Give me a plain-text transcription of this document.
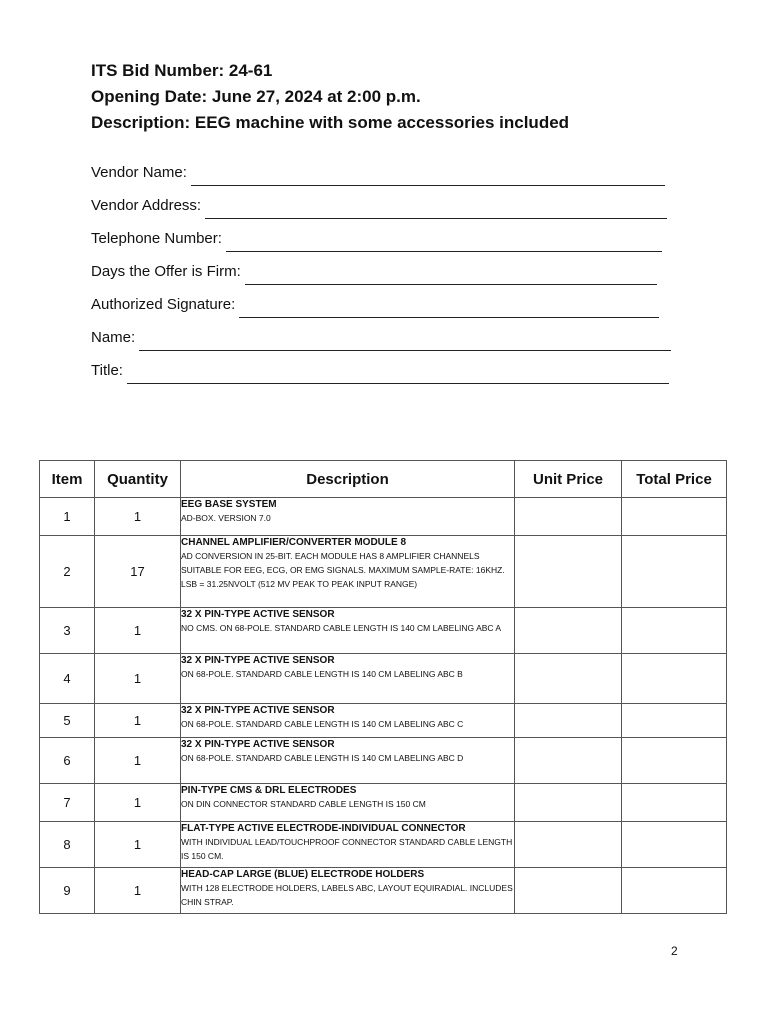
ITS Bid Number: 24-61
Opening Date: June 27, 2024 at 2:00 p.m.
Description: EEG machine with some accessories included
Vendor Name:
Vendor Address:
Telephone Number:
Days the Offer is Firm:
Authorized Signature:
Name:
Title:
Item	Quantity	Description	Unit Price	Total Price
1	1	EEG BASE SYSTEM
AD-BOX. VERSION 7.0		

2	17	CHANNEL AMPLIFIER/CONVERTER MODULE 8
AD CONVERSION IN 25-BIT. EACH MODULE HAS 8 AMPLIFIER CHANNELS SUITABLE FOR EEG, ECG, OR EMG SIGNALS. MAXIMUM SAMPLE-RATE: 16KHZ. LSB = 31.25NVOLT (512 MV PEAK TO PEAK INPUT RANGE)		

3	1	32 X PIN-TYPE ACTIVE SENSOR
NO CMS. ON 68-POLE. STANDARD CABLE LENGTH IS 140 CM LABELING ABC A		

4	1	32 X PIN-TYPE ACTIVE SENSOR
ON 68-POLE. STANDARD CABLE LENGTH IS 140 CM LABELING ABC B		

5	1	32 X PIN-TYPE ACTIVE SENSOR
ON 68-POLE. STANDARD CABLE LENGTH IS 140 CM LABELING ABC C		

6	1	32 X PIN-TYPE ACTIVE SENSOR
ON 68-POLE. STANDARD CABLE LENGTH IS 140 CM LABELING ABC D		

7	1	PIN-TYPE CMS & DRL ELECTRODES
ON DIN CONNECTOR STANDARD CABLE LENGTH IS 150 CM		

8	1	FLAT-TYPE ACTIVE ELECTRODE-INDIVIDUAL CONNECTOR
WITH INDIVIDUAL LEAD/TOUCHPROOF CONNECTOR STANDARD CABLE LENGTH IS 150 CM.		

9	1	HEAD-CAP LARGE (BLUE) ELECTRODE HOLDERS
WITH 128 ELECTRODE HOLDERS, LABELS ABC, LAYOUT EQUIRADIAL. INCLUDES CHIN STRAP.		

2
